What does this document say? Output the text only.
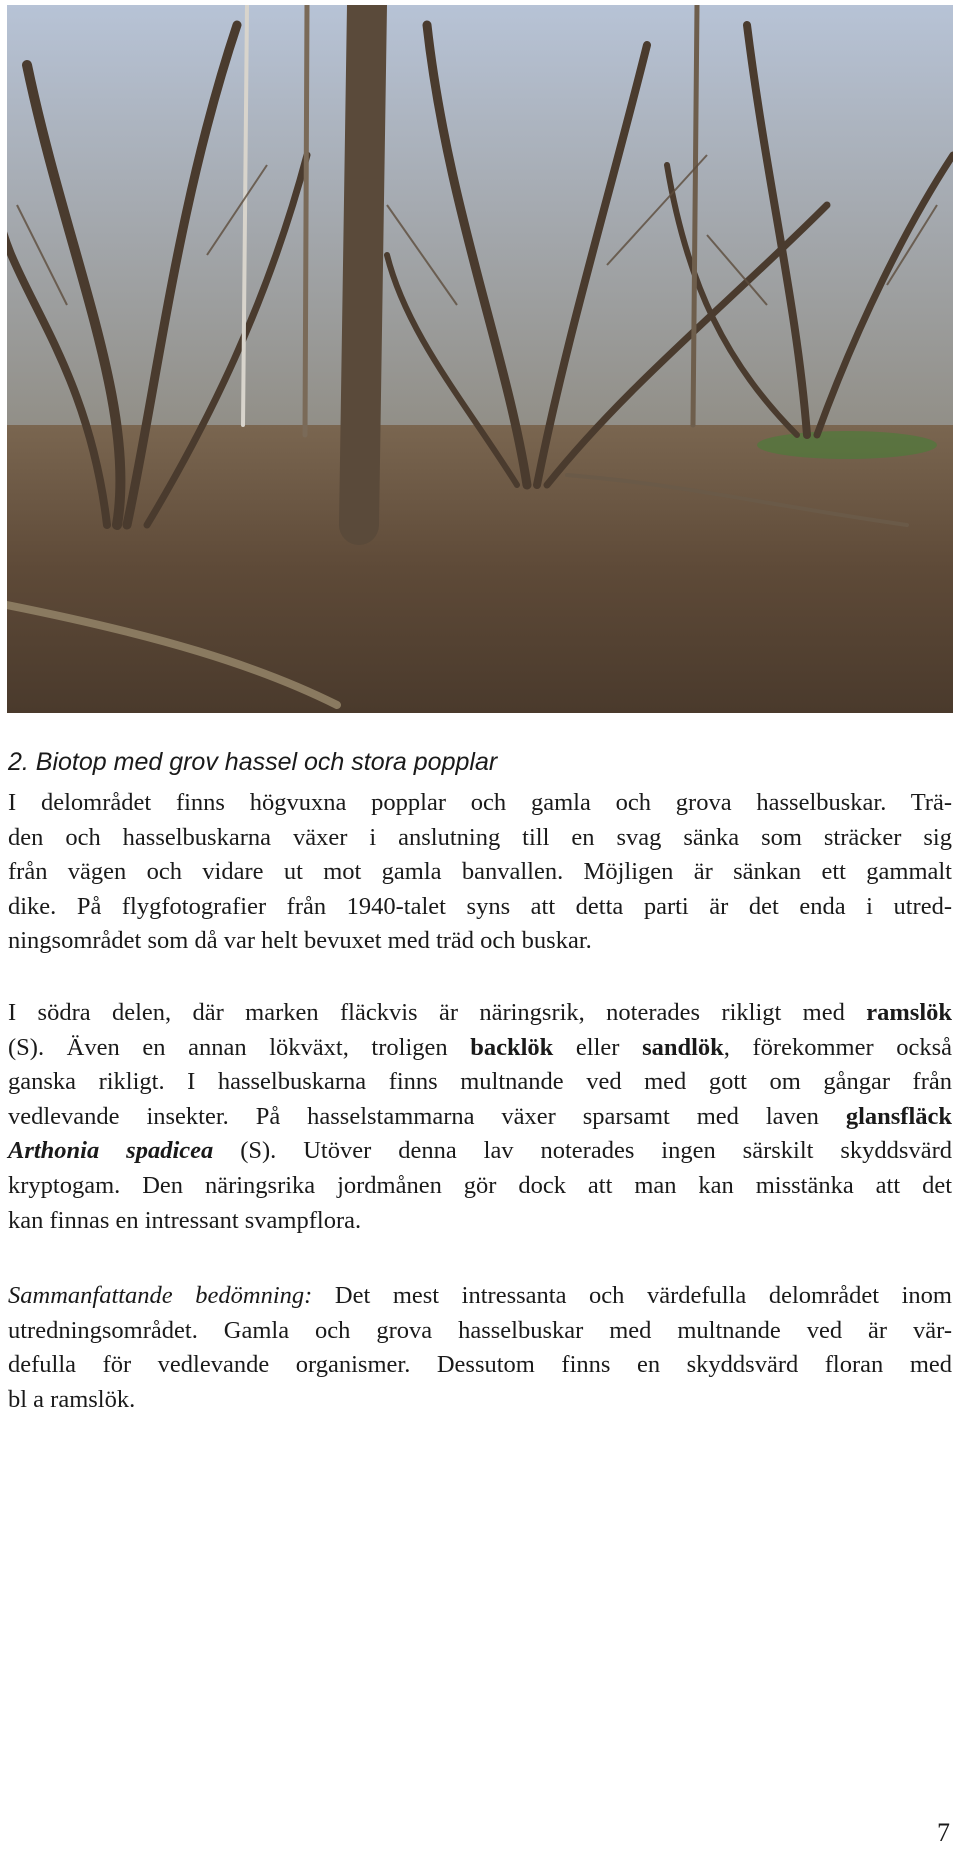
2. Biotop med grov hassel och stora popplar
I delområdet finns högvuxna popplar och gamla och grova hasselbuskar. Trä-
den och hasselbuskarna växer i anslutning till en svag sänka som sträcker sig
från vägen och vidare ut mot gamla banvallen. Möjligen är sänkan ett gammalt
dike. På flygfotografier från 1940-talet syns att detta parti är det enda i utred-
ningsområdet som då var helt bevuxet med träd och buskar.
I södra delen, där marken fläckvis är näringsrik, noterades rikligt med ramslök
(S). Även en annan lökväxt, troligen backlök eller sandlök, förekommer också
ganska rikligt. I hasselbuskarna finns multnande ved med gott om gångar från
vedlevande insekter. På hasselstammarna växer sparsamt med laven glansfläck
Arthonia spadicea (S). Utöver denna lav noterades ingen särskilt skyddsvärd
kryptogam. Den näringsrika jordmånen gör dock att man kan misstänka att det
kan finnas en intressant svampflora.
Sammanfattande bedömning: Det mest intressanta och värdefulla delområdet inom
utredningsområdet. Gamla och grova hasselbuskar med multnande ved är vär-
defulla för vedlevande organismer. Dessutom finns en skyddsvärd floran med
bl a ramslök.
7
